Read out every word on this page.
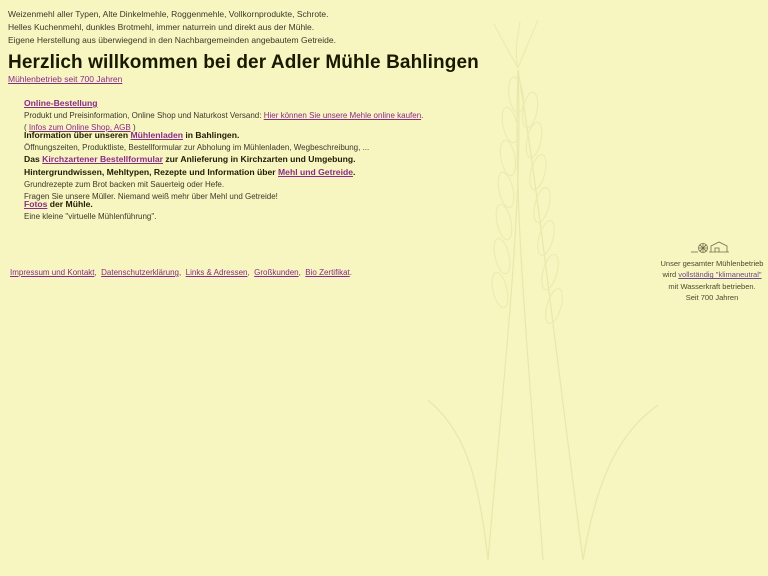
Weizenmehl aller Typen, Alte Dinkelmehle, Roggenmehle, Vollkornprodukte, Schrote.
Helles Kuchenmehl, dunkles Brotmehl, immer naturrein und direkt aus der Mühle.
Eigene Herstellung aus überwiegend in den Nachbargemeinden angebautem Getreide.
Herzlich willkommen bei der Adler Mühle Bahlingen
Mühlenbetrieb seit 700 Jahren
Online-Bestellung
Produkt und Preisinformation, Online Shop und Naturkost Versand: Hier können Sie unsere Mehle online kaufen.
( Infos zum Online Shop, AGB )
Information über unseren Mühlenladen in Bahlingen.
Öffnungszeiten, Produktliste, Bestellformular zur Abholung im Mühlenladen, Wegbeschreibung, ...
Das Kirchzartener Bestellformular zur Anlieferung in Kirchzarten und Umgebung.
Hintergrundwissen, Mehltypen, Rezepte und Information über Mehl und Getreide.
Grundrezepte zum Brot backen mit Sauerteig oder Hefe.
Fragen Sie unsere Müller. Niemand weiß mehr über Mehl und Getreide!
Fotos der Mühle.
Eine kleine "virtuelle Mühlenführung".
Impressum und Kontakt,  Datenschutzerklärung,  Links & Adressen,  Großkunden,  Bio Zertifikat.
Unser gesamter Mühlenbetrieb
wird vollständig "klimaneutral"
mit Wasserkraft betrieben.
Seit 700 Jahren
